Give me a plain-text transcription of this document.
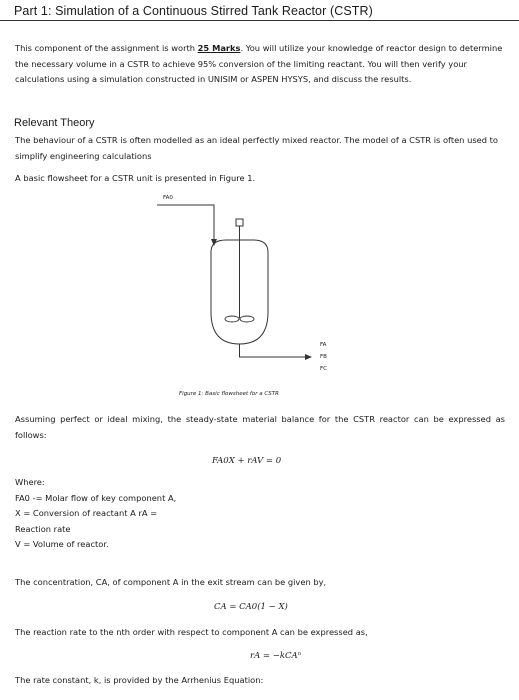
Part 1: Simulation of a Continuous Stirred Tank Reactor (CSTR)
This component of the assignment is worth 25 Marks. You will utilize your knowledge of reactor design to determine the necessary volume in a CSTR to achieve 95% conversion of the limiting reactant. You will then verify your calculations using a simulation constructed in UNISIM or ASPEN HYSYS, and discuss the results.
Relevant Theory
The behaviour of a CSTR is often modelled as an ideal perfectly mixed reactor. The model of a CSTR is often used to simplify engineering calculations
A basic flowsheet for a CSTR unit is presented in Figure 1.
FA0
FA
FB
FC
Figure 1: Basic flowsheet for a CSTR
Assuming perfect or ideal mixing, the steady-state material balance for the CSTR reactor can be expressed as follows:
FA0X + rAV = 0
Where:
FA0 -= Molar flow of key component A,
X = Conversion of reactant A rA =
Reaction rate
V = Volume of reactor.
The concentration, CA, of component A in the exit stream can be given by,
CA = CA0(1 − X)
The reaction rate to the nth order with respect to component A can be expressed as,
rA = −kCAⁿ
The rate constant, k, is provided by the Arrhenius Equation:
